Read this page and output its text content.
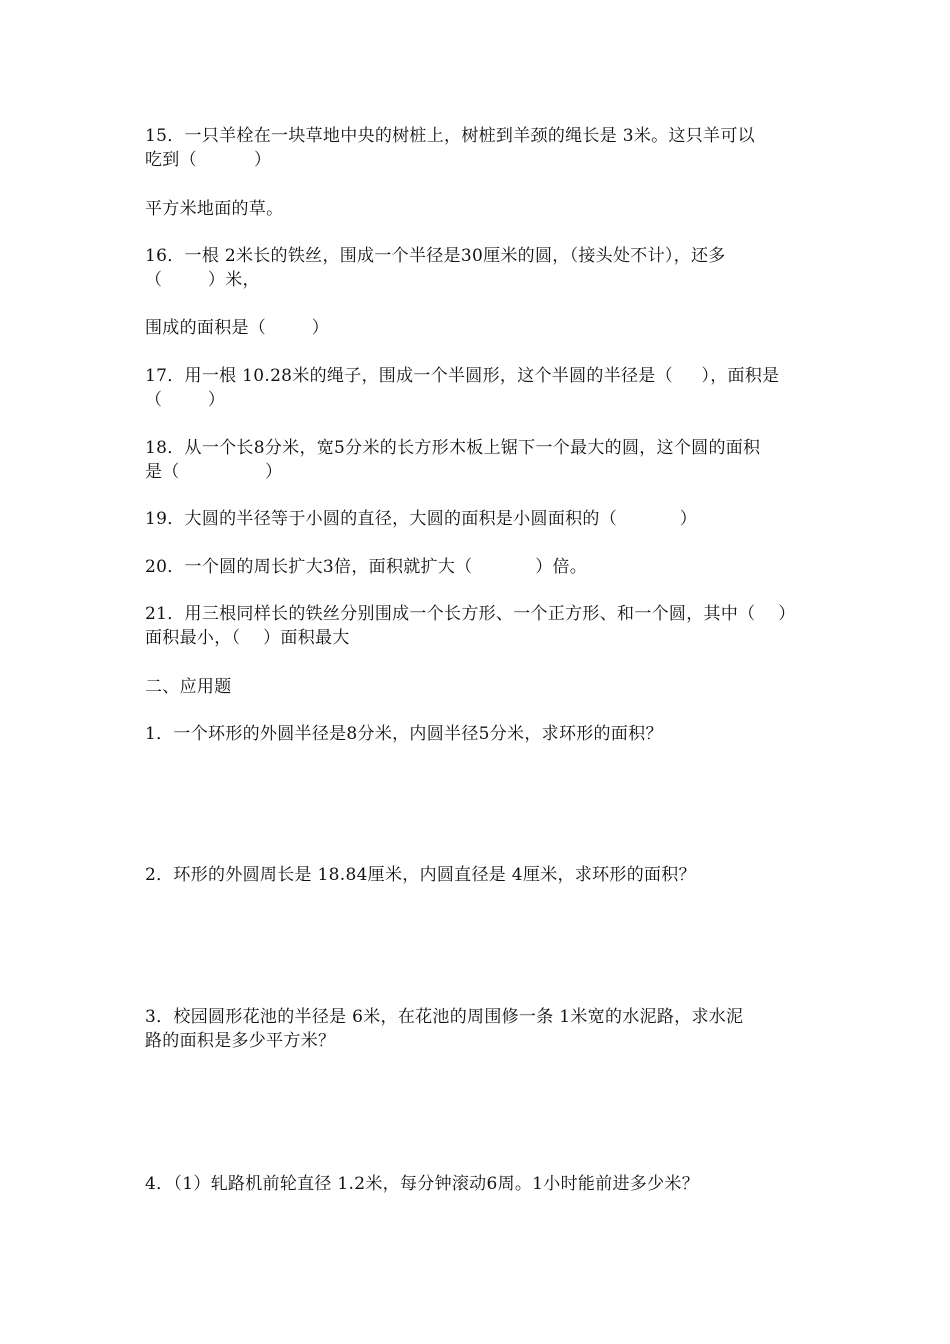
15．一只羊栓在一块草地中央的树桩上，树桩到羊颈的绳长是 3米。这只羊可以
吃到（          ）
平方米地面的草。
16．一根 2米长的铁丝，围成一个半径是30厘米的圆，（接头处不计），还多
（        ）米，
围成的面积是（        ）
17．用一根 10.28米的绳子，围成一个半圆形，这个半圆的半径是（     ），面积是
（        ）
18．从一个长8分米，宽5分米的长方形木板上锯下一个最大的圆，这个圆的面积
是（               ）
19．大圆的半径等于小圆的直径，大圆的面积是小圆面积的（           ）
20．一个圆的周长扩大3倍，面积就扩大（           ）倍。
21．用三根同样长的铁丝分别围成一个长方形、一个正方形、和一个圆，其中（    ）
面积最小，（    ）面积最大
二、应用题
1．一个环形的外圆半径是8分米，内圆半径5分米，求环形的面积？
2．环形的外圆周长是 18.84厘米，内圆直径是 4厘米，求环形的面积？
3．校园圆形花池的半径是 6米，在花池的周围修一条 1米宽的水泥路，求水泥
路的面积是多少平方米？
4．（1）轧路机前轮直径 1.2米，每分钟滚动6周。1小时能前进多少米？
